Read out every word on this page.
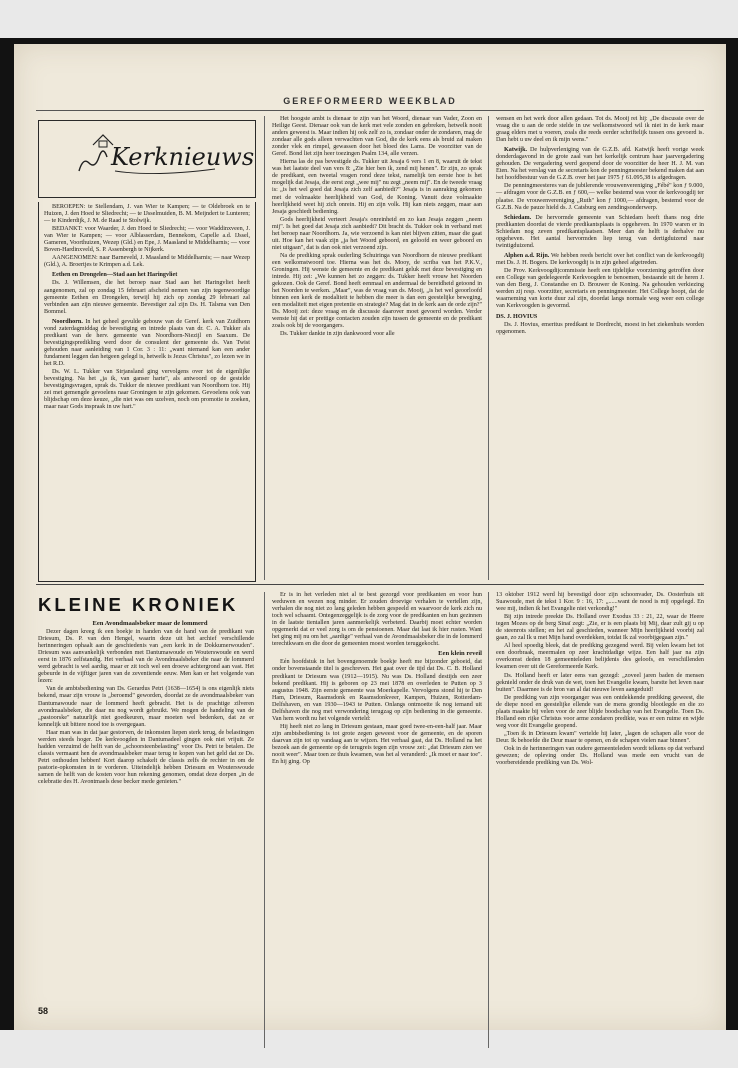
GEREFORMEERD WEEKBLAD
Kerknieuws

BEROEPEN: te Stellendam, J. van Wier te Kampen; — te Oldebroek en te Huizen, J. den Hoed te Sliedrecht; — te IJsselmuiden, B. M. Meijndert te Lunteren; — te Kinderdijk, J. M. de Raad te Stolwijk.

BEDANKT: voor Waarder, J. den Hoed te Sliedrecht; — voor Waddinxveen, J. van Wier te Kampen; — voor Alblasserdam, Bennekom, Capelle a.d. IJssel, Gameren, Voorthuizen, Wezep (Gld.) en Epe, J. Maasland te Middelharnis; — voor Boven-Hardinxveld, S. P. Assenbergh te Nijkerk.

AANGENOMEN: naar Barneveld, J. Maasland te Middelharnis; — naar Wezep (Gld.), A. Broertjes te Krimpen a.d. Lek.

Eethen en Drongelen—Stad aan het Haringvliet

Ds. J. Willemsen, die het beroep naar Stad aan het Haringvliet heeft aangenomen, zal op zondag 15 februari afscheid nemen van zijn tegenwoordige gemeente Eethen en Drongelen, terwijl hij zich op zondag 29 februari zal verbinden aan zijn nieuwe gemeente. Bevestiger zal zijn Ds. H. Talsma van Den Bommel.

Noordhorn. In het geheel gevulde gebouw van de Geref. kerk van Zuidhorn vond zaterdagmiddag de bevestiging en intrede plaats van dr. C. A. Tukker als predikant van de herv. gemeente van Noordhorn-Niezijl en Saaxum. De bevestigingspredikling werd door de consulent der gemeente ds. Van Twist gehouden naar aanleiding van 1 Cor. 3 : 11: „want niemand kan een ander fundament leggen dan hetgeen gelegd is, hetwelk is Jezus Christus", zo lezen we in het R.D.

Ds. W. L. Tukker van Sirjansland ging vervolgens over tot de eigenlijke bevestiging. Na het „ja ik, van ganser harte", als antwoord op de gestelde bevestigingsvragen, sprak ds. Tukker de nieuwe predikant van Noordhorn toe. Hij zei met gemengde gevoelens naar Groningen te zijn gekomen. Gevoelens ook van blijdschap om deze keuze, „die niet was om uzelven, noch om promotie te zoeken, maar naar Gods inspraak in uw hart."

Het hoogste ambt is dienaar te zijn van het Woord, dienaar van Vader, Zoon en Heilige Geest. Dienaar ook van de kerk met vele zonden en gebreken, hetwelk nooit anders geweest is. Maar indien hij ook zelf zo is, zondaar onder de zondaren, mag de zondaar alle gods alleen verwachten van God, die de kerk eens als bruid zal maken zonder vlek en rimpel, gewassen door het bloed des Lams. De voorzitter van de Geref. Bond liet zijn heer toezingen Psalm 134, alle verzen.

Hierna las de pas bevestigde ds. Tukker uit Jesaja 6 vers 1 en 8, waaruit de tekst was het laatste deel van vers 8: „Zie hier ben ik, zend mij henen". Er zijn, zo sprak de predikant, een tweetal vragen rond deze tekst, namelijk ten eerste hoe is het mogelijk dat Jesaja, die eerst zegt „wee mij" nu zegt „neem mij". En de tweede vraag is: „is het wel goed dat Jesaja zich zelf aanbiedt?" Jesaja is in aanraking gekomen met de volmaakte heerlijkheid van God, de Koning. Vanuit deze volmaakte heerlijkheid weet hij zich onrein. Hij en zijn volk. Hij kan niets zeggen, maar aan Jesaja geschiedt bediening.

Gods heerlijkheid verteert Jesaja's onreinheid en zo kan Jesaja zeggen „neem mij". Is het goed dat Jesaja zich aanbiedt? Dit bracht ds. Tukker ook in verband met het beroep naar Noordhorn. Ja, wie verzoend is kan niet blijven zitten, maar die gaat uit. Hoe kan het vaak zijn „ja het Woord geboord, en geloofd en weer geboord en niet uitgaan", dat is dan ook niet verzoend zijn.

Na de prediking sprak ouderling Schuiringa van Noordhorn de nieuwe predikant een welkomstwoord toe. Hierna was het ds. Mooy, de scriba van het P.K.V., Groningen. Hij wenste de gemeente en de predikant geluk met deze bevestiging en intrede. Hij zei: „We kunnen het zo zeggen: ds. Tukker heeft vrouw het Noorden gekozen. Ook de Geref. Bond heeft eenmaal en andermaal de bereidheid getoond in het Noorden te werken. „Maar", was de vraag van ds. Mooij, „is het wel geoorloofd binnen een kerk de modaliteit te hebben die meer is dan een geestelijke beweging, een modaliteit met eigen pretentie en strategie? Mag dat in de kerk aan de orde zijn?" Ds. Mooij zei: deze vraag en de discussie daarover moet gevoerd worden. Verder wenste hij dat er prettige contacten zouden zijn tussen de gemeente en de predikant zoals ook bij de voorgangers.

Ds. Tukker dankte in zijn dankwoord voor alle

wensen en het werk door allen gedaan. Tot ds. Mooij rei hij: „De discussie over de vraag die u aan de orde stelde in uw welkomstwoord wil ik niet in de kerk maar graag elders met u voeren, zoals die reeds eerder schriftelijk tussen ons gevoerd is. Dan hebt u uw deel en ik mijn wens."

Katwijk. De hulpverleniging van de G.Z.B. afd. Katwijk heeft vorige week donderdagavond in de grote zaal van het kerkelijk centrum haar jaarvergadering gehouden. De vergadering werd geopend door de voorzitter de heer H. J. M. van Eten. Na het verslag van de secretaris kon de penningmeester bekend maken dat aan het hoofdbestuur van de G.Z.B. over het jaar 1975 ƒ 61.095,38 is afgedragen.

De penningmeesteres van de jubilerende vrouwenvereniging „Fébé" kon ƒ 9.000,— afdragen voor de G.Z.B. en ƒ 600,— welke bestemd was voor de kerkvoogdij ter plaatse. De vrouwenvereniging „Ruth" kon ƒ 1000,— afdragen, bestemd voor de G.Z.B. Na de pauze hield ds. J. Catsburg een zendingsonderwerp.

Schiedam. De hervormde gemeente van Schiedam heeft thans nog drie predikanten doordat de vierde predikantsplaats is opgeheven. In 1970 waren er in Schiedam nog zeven predikantsplaatsen. Meer dan de helft is derhalve nu opgeheven. Het aantal hervormden liep terug van dertigduizend naar twintigduizend.

Alphen a.d. Rijn. We hebben reeds bericht over het conflict van de kerkvoogdij met Ds. J. H. Bogers. De kerkvoogdij is in zijn geheel afgetreden.

De Prov. Kerkvoogdijcommissie heeft een tijdelijke voorziening getroffen door een College van gedelegeerde Kerkvoogden te benoemen, bestaande uit de heren J. van den Berg, J. Constandse en D. Brouwer de Koning. Na gehouden verkiezing werden zij resp. voorzitter, secretaris en penningmeester. Het College hoopt, dat de waarneming van korte duur zal zijn, doordat langs normale weg weer een college van Kerkvoogden is gevormd.

DS. J. HOVIUS

Ds. J. Hovius, emeritus predikant te Dordrecht, moest in het ziekenhuis worden opgenomen.

KLEINE KRONIEK

Een Avondmaalsbeker maar de lommerd

Dezer dagen kreeg ik een boekje in handen van de hand van de predikant van Driesum, Ds. P. van den Hengel, waarin deze uit het archief verschillende herinneringen ophaalt aan de geschiedenis van „een kerk in de Dokkumerwouden". Driesum was aanvankelijk verbonden met Dantumawoude en Wouterswoude en werd eerst in 1876 zelfstandig. Het verhaal van de Avondmaalsbeker die naar de lommerd werd gebracht is wel aardig, maar er zit toch wel een droeve achtergrond aan vast. Het gebeurde in de vijftiger jaren van de zeventiende eeuw. Men kan er het volgende van lezen:

Van de ambtsbediening van Ds. Gerardus Petri (1638—1654) is ons eigenlijk niets bekend, maar zijn vrouw is „beroemd" geworden, doordat ze de avondmaalsbeker van Dantumawoude naar de lommerd heeft gebracht. Het is de prachtige zilveren avondmaalsbeker, die daar nu nog wordt gebruikt. We mogen de handeling van de „pastoorske" natuurlijk niet goedkeuren, maar moeten wel bedenken, dat ze er kennelijk uit bittere nood toe is overgegaan.

Haar man was in dat jaar gestorven, de inkomsten liepen sterk terug, de belastingen werden steeds hoger. De kerkvoogden in Dantumadeel gingen ook niet vrijuit. Ze hadden verzuimd de helft van de „schoorsteenbelasting" voor Ds. Petri te betalen. De classis vermaant hen de avondmaalsbeker maar terug te kopen van het geld dat ze Ds. Petri onthouden hebben! Kort daarop schakelt de classis zelfs de rechter in om de pastorie-opkomsten in te vorderen. Uiteindelijk hebben Driesum en Wouterswoude samen de helft van de kosten voor hun rekening genomen, omdat deze dorpen „in de celebratie des H. Avontmaels dese becker mede genieten."

Er is in het verleden niet al te best gezorgd voor predikanten en voor hun weduwen en wezen nog minder. Er zouden droevige verhalen te vertellen zijn, verhalen die nog niet zo lang geleden hebben gespeeld en waarvoor de kerk zich nu toch wel schaamt. Ontegenzeggelijk is de zorg voor de predikanten en hun gezinnen in de laatste tientallen jaren aanmerkelijk verbeterd. Daarbij moet echter worden opgemerkt dat er veel zorg is om de pensioenen. Maar dat laat ik hier rusten. Want het ging mij nu om het „aardige" verhaal van de Avondmaalsbeker die in de lommerd terechtkwam en die door de gemeenten moest worden teruggekocht.

Een klein reveil

Eén hoofdstuk in het bovengenoemde boekje heeft me bijzonder geboeid, dat onder bovenstaande titel is geschreven. Het gaat over de tijd dat Ds. C. B. Holland predikant te Driesum was (1912—1915). Nu was Ds. Holland destijds een zeer bekend predikant. Hij is geboren op 23 mei 1878 en overleden te Putten op 3 augustus 1948. Zijn eerste gemeente was Moerkapelle. Vervolgens stond hij te Den Ham, Driesum, Raamsdonk en Raamsdonkveer, Kampen, Huizen, Rotterdam-Delfshaven, en van 1930—1943 te Putten. Onlangs ontmoette ik nog iemand uit Delfshaven die nog met verwondering terugzag op zijn bediening in die gemeente. Van hem wordt nu het volgende verteld:

Hij heeft niet zo lang in Driesum gestaan, maar goed twee-en-een-half jaar. Maar zijn ambtsbediening is tot grote zegen geweest voor de gemeente, en de sporen daarvan zijn tot op vandaag aan te wijzen. Het verhaal gaat, dat Ds. Holland na het bezoek aan de gemeente op de terugreis tegen zijn vrouw zei: „dat Driesum zien we nooit weer". Maar toen ze thuis kwamen, was het al veranderd: „Ik moet er naar toe". En hij ging. Op

13 oktober 1912 werd hij bevestigd door zijn schoonvader, Ds. Oosterhuis uit Suawoude, met de tekst 1 Kor. 9 : 16, 17: „......want de nood is mij opgelegd. En wee mij, indien ik het Evangelie niet verkondig!"

Bij zijn intrede preekte Ds. Holland over Exodus 33 : 21, 22, waar de Heere tegen Mozes op de berg Sinaï zegt: „Zie, er is een plaats bij Mij, daar zult gij u op de steenrots stellen; en het zal geschieden, wanneer Mijn heerlijkheid voorbij zal gaan, zo zal Ik u met Mijn hand overdekken, totdat Ik zal voorbijgegaan zijn."

Al heel spoedig bleek, dat de prediking gezegend werd. Bij velen kwam het tot een doorbraak, meermalen op zeer krachtdadige wijze. Een half jaar na zijn overkomst deden 18 gemeenteleden belijdenis des geloofs, en verschillenden kwamen over uit de Gereformeerde Kerk.

Ds. Holland heeft er later eens van gezegd: „zoveel jaren baden de mensen geknield onder de druk van de wet, toen het Evangelie kwam, barstte het leven naar buiten". Daarmee is de bron van al dat nieuwe leven aangeduid!

De prediking van zijn voorganger was een ontdekkende prediking geweest, die de diepe nood en geestelijke ellende van de mens grondig blootlegde en die zo plaats maakte bij velen voor de zeer blijde boodschap van het Evangelie. Toen Ds. Holland een rijke Christus voor arme zondaren predikte, was er een ruime en wijde weg voor dit Evangelie geopend.

„Toen ik in Driesum kwam" vertelde hij later, „lagen de schapen alle voor de Deur. Ik behoefde die Deur maar te openen, en de schapen vielen naar binnen".

Ook in de herinneringen van oudere gemeenteleden wordt telkens op dat verband gewezen; de opleving onder Ds. Holland was mede een vrucht van de voorbereidende prediking van Ds. Wol-

58
